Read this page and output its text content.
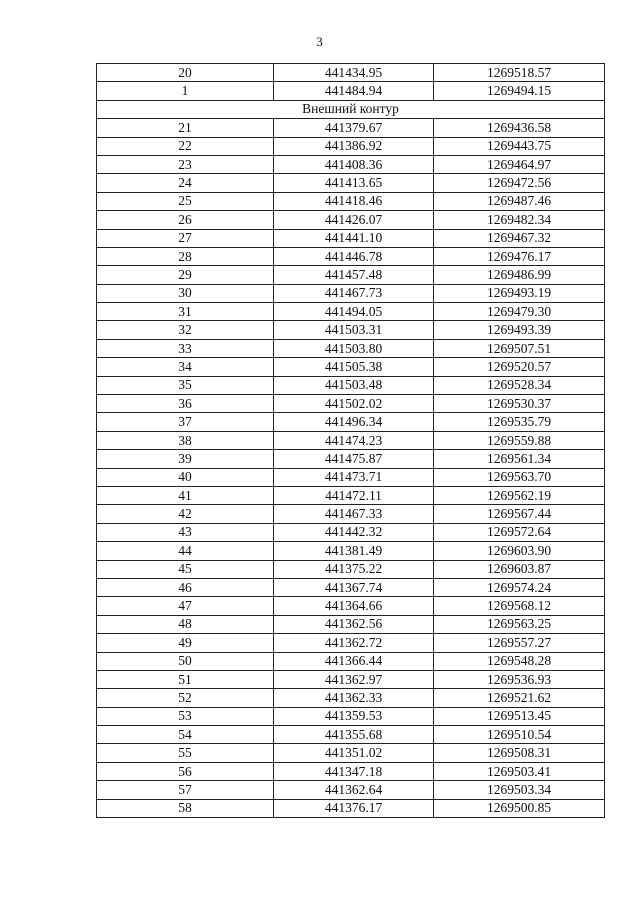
3
20	441434.95	1269518.57
1	441484.94	1269494.15
Внешний контур		
21	441379.67	1269436.58
22	441386.92	1269443.75
23	441408.36	1269464.97
24	441413.65	1269472.56
25	441418.46	1269487.46
26	441426.07	1269482.34
27	441441.10	1269467.32
28	441446.78	1269476.17
29	441457.48	1269486.99
30	441467.73	1269493.19
31	441494.05	1269479.30
32	441503.31	1269493.39
33	441503.80	1269507.51
34	441505.38	1269520.57
35	441503.48	1269528.34
36	441502.02	1269530.37
37	441496.34	1269535.79
38	441474.23	1269559.88
39	441475.87	1269561.34
40	441473.71	1269563.70
41	441472.11	1269562.19
42	441467.33	1269567.44
43	441442.32	1269572.64
44	441381.49	1269603.90
45	441375.22	1269603.87
46	441367.74	1269574.24
47	441364.66	1269568.12
48	441362.56	1269563.25
49	441362.72	1269557.27
50	441366.44	1269548.28
51	441362.97	1269536.93
52	441362.33	1269521.62
53	441359.53	1269513.45
54	441355.68	1269510.54
55	441351.02	1269508.31
56	441347.18	1269503.41
57	441362.64	1269503.34
58	441376.17	1269500.85
